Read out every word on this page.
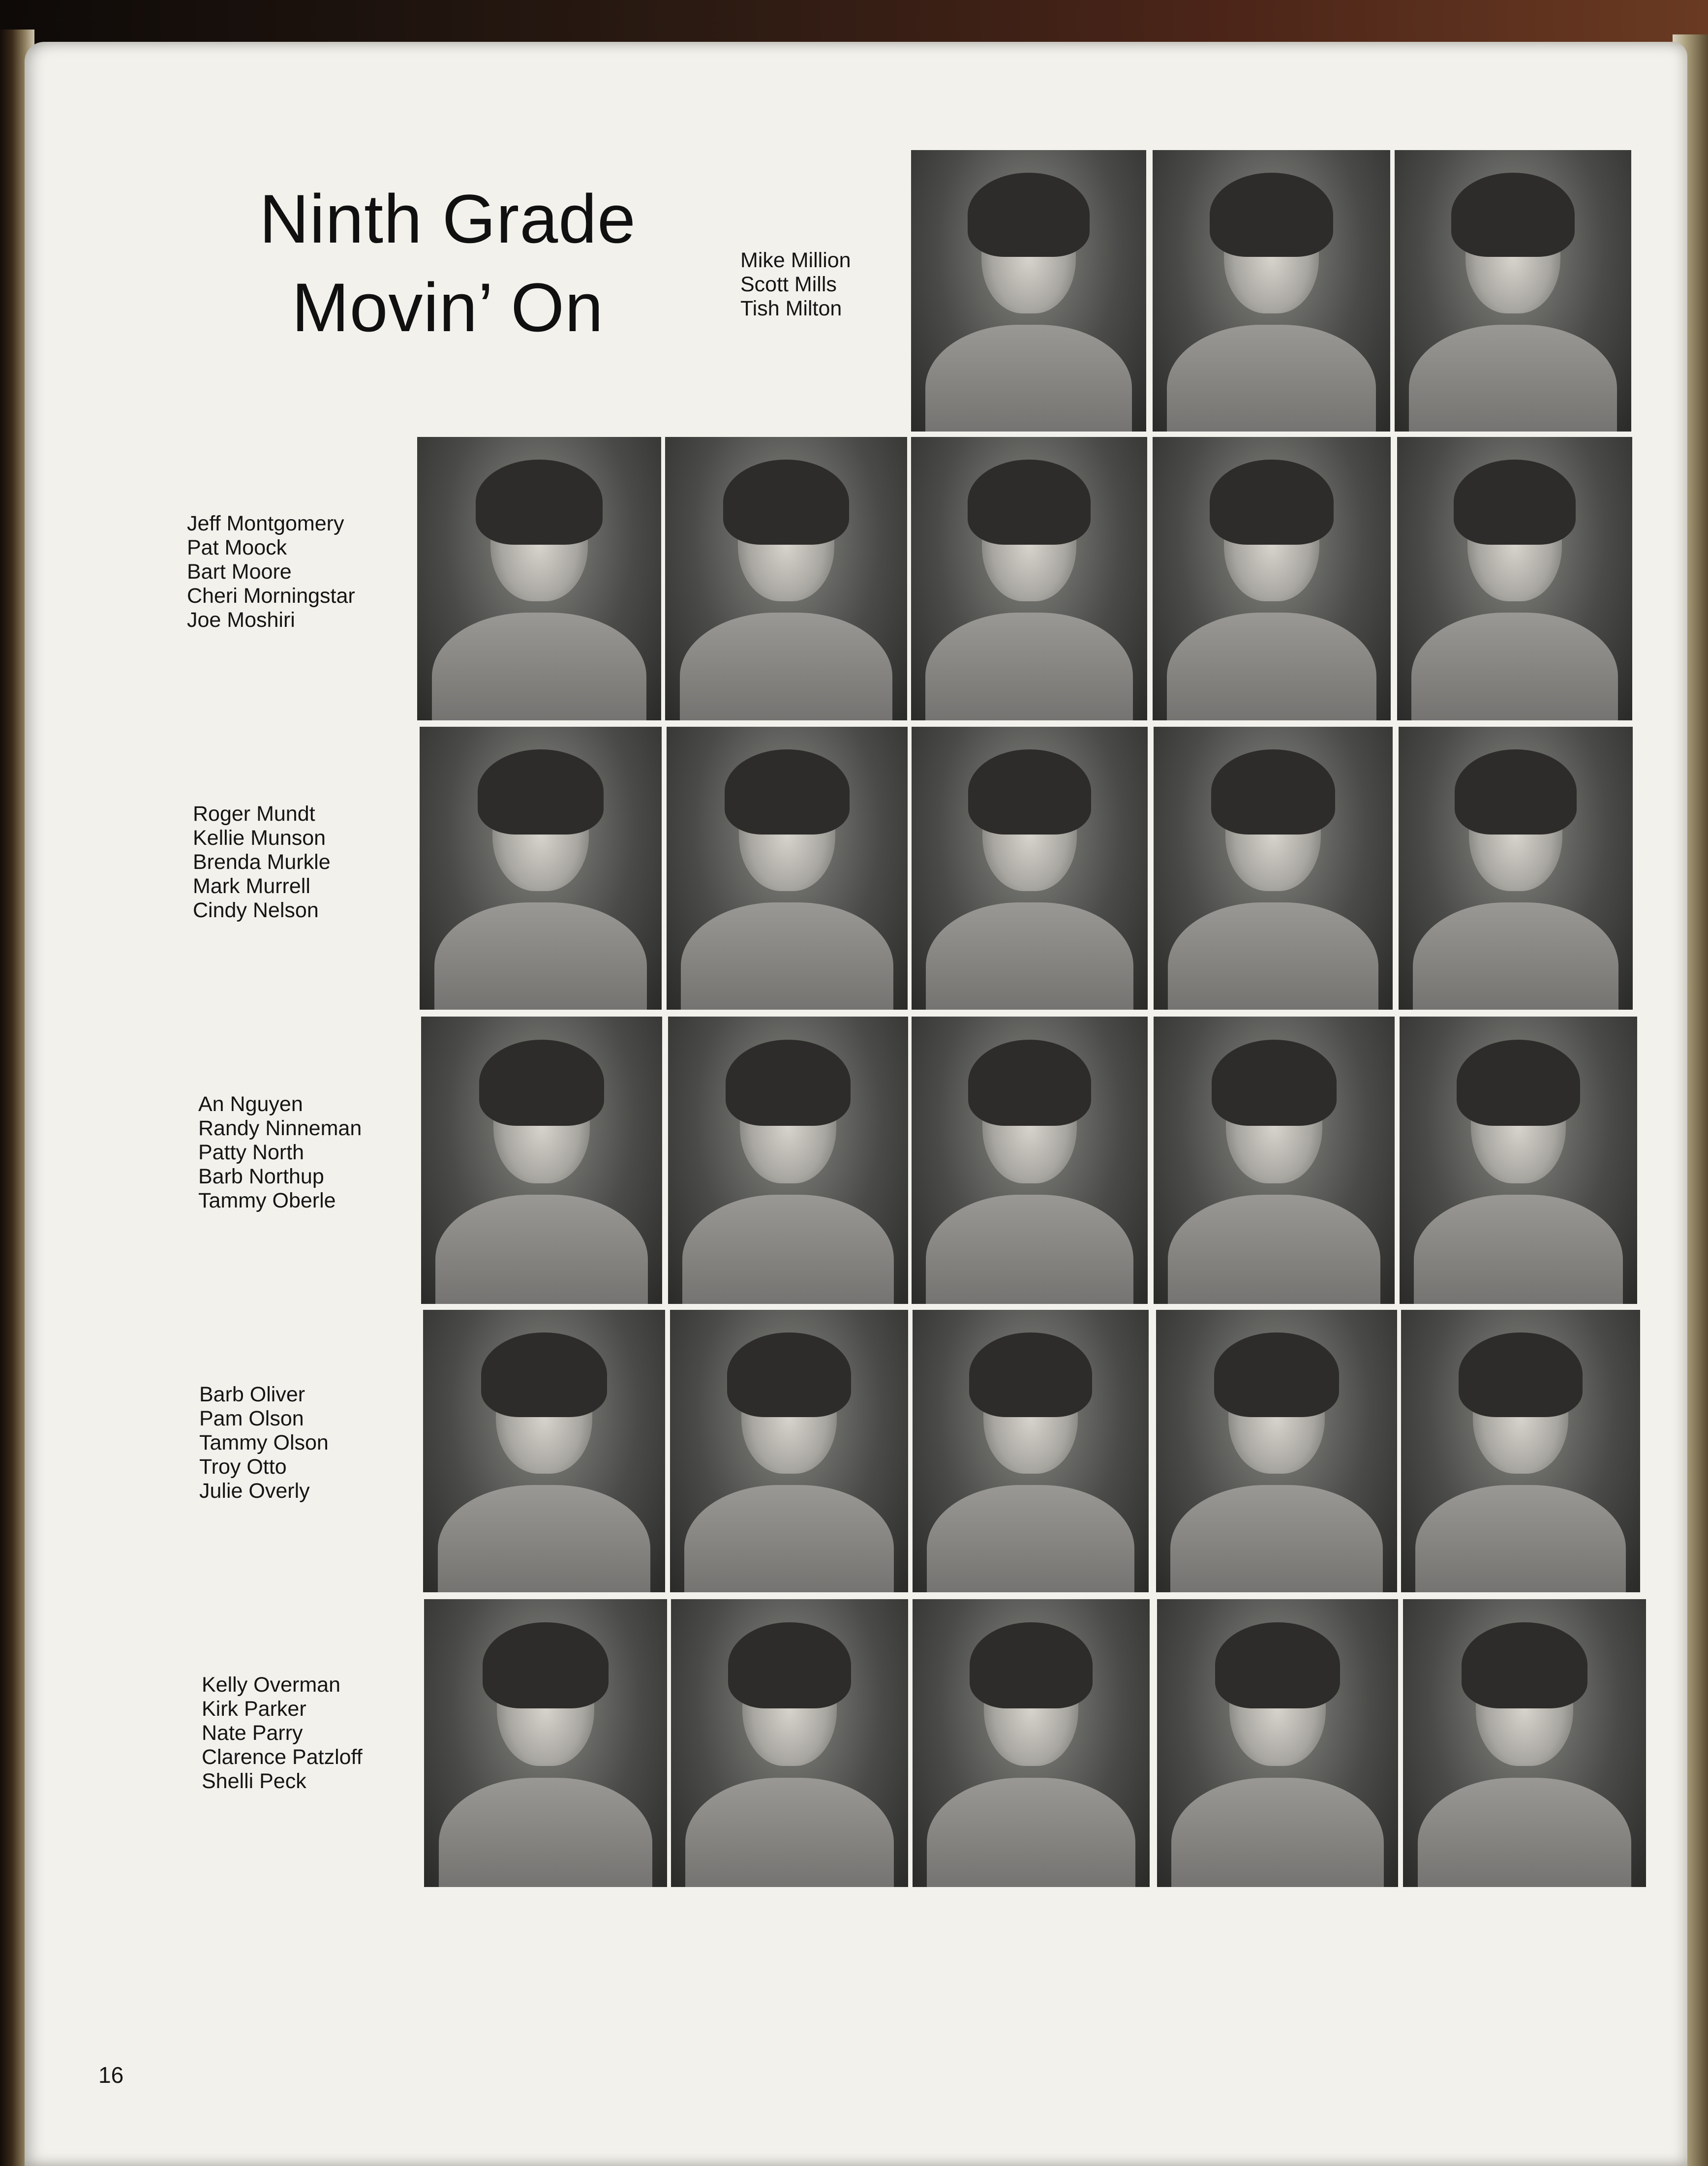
Ninth Grade
Movin’ On
Mike Million
Scott Mills
Tish Milton
Jeff Montgomery
Pat Moock
Bart Moore
Cheri Morningstar
Joe Moshiri
Roger Mundt
Kellie Munson
Brenda Murkle
Mark Murrell
Cindy Nelson
An Nguyen
Randy Ninneman
Patty North
Barb Northup
Tammy Oberle
Barb Oliver
Pam Olson
Tammy Olson
Troy Otto
Julie Overly
Kelly Overman
Kirk Parker
Nate Parry
Clarence Patzloff
Shelli Peck
16
